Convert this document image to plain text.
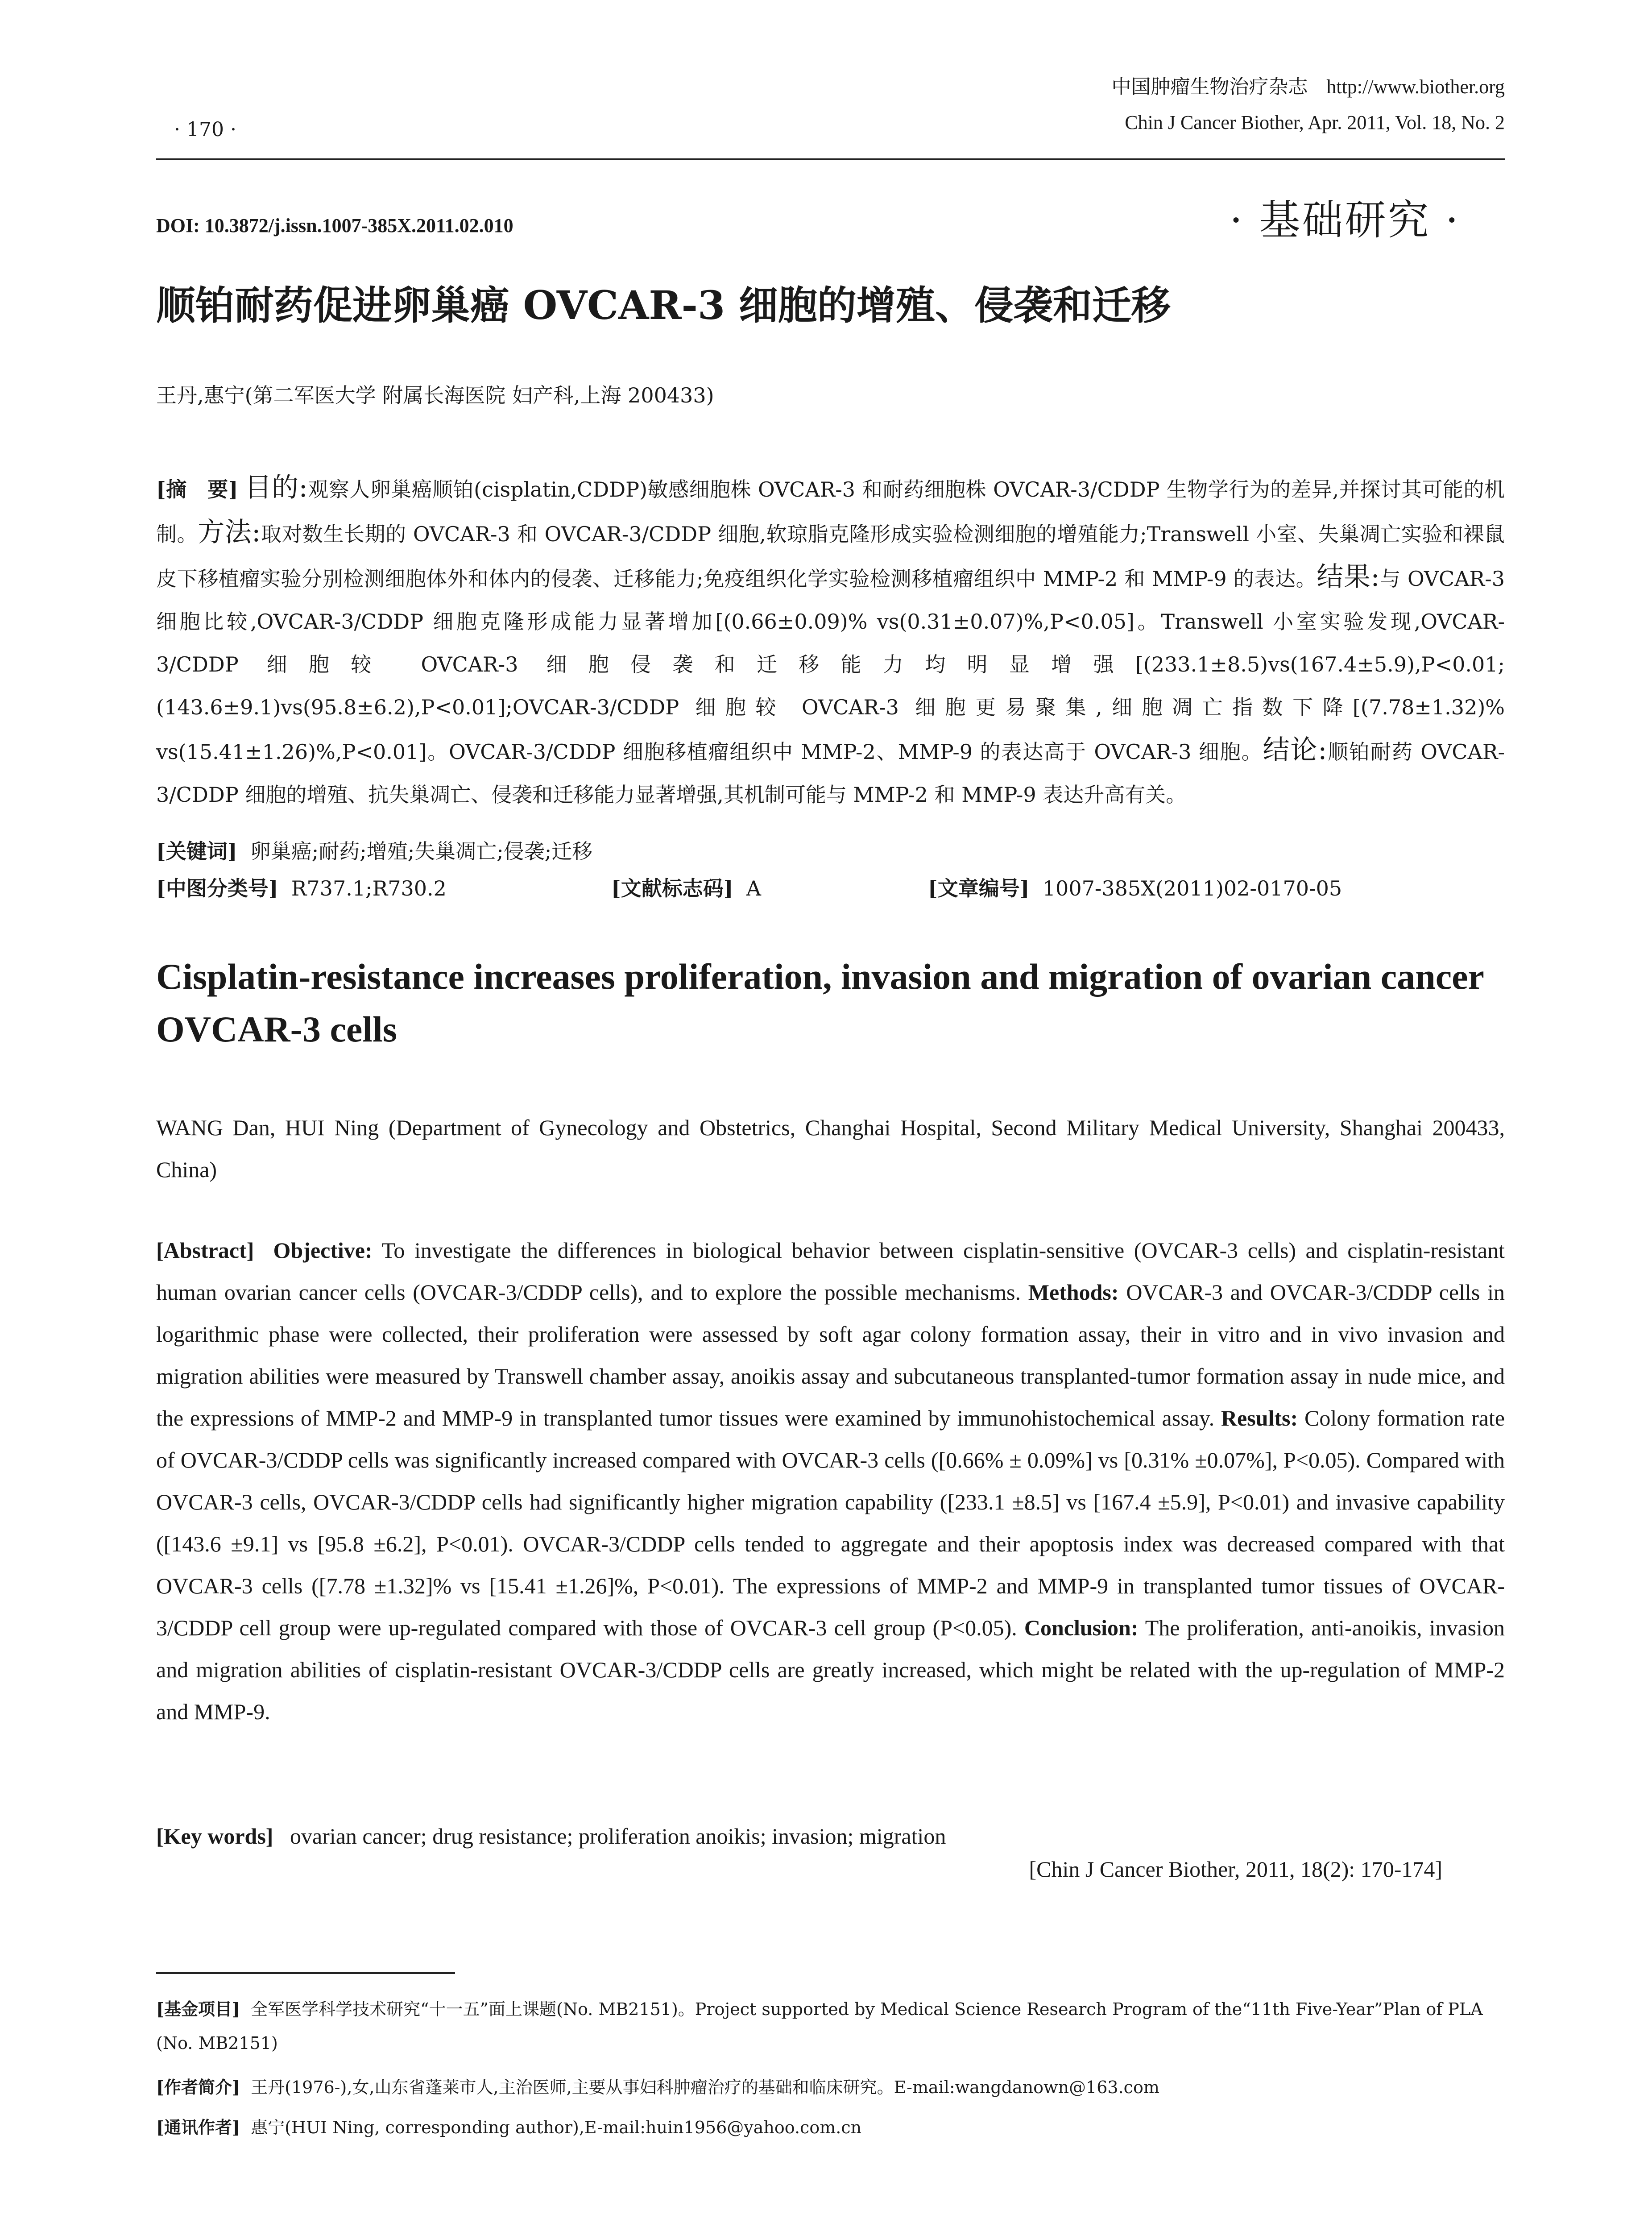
中国肿瘤生物治疗杂志 http://www.biother.org
Chin J Cancer Biother, Apr. 2011, Vol. 18, No. 2
· 170 ·
DOI: 10.3872/j.issn.1007-385X.2011.02.010	· 基础研究 ·
顺铂耐药促进卵巢癌 OVCAR-3 细胞的增殖、侵袭和迁移
王丹,惠宁(第二军医大学 附属长海医院 妇产科,上海 200433)
[摘　要] 目的:观察人卵巢癌顺铂(cisplatin,CDDP)敏感细胞株 OVCAR-3 和耐药细胞株 OVCAR-3/CDDP 生物学行为的差异,并探讨其可能的机制。方法:取对数生长期的 OVCAR-3 和 OVCAR-3/CDDP 细胞,软琼脂克隆形成实验检测细胞的增殖能力;Transwell 小室、失巢凋亡实验和裸鼠皮下移植瘤实验分别检测细胞体外和体内的侵袭、迁移能力;免疫组织化学实验检测移植瘤组织中 MMP-2 和 MMP-9 的表达。结果:与 OVCAR-3 细胞比较,OVCAR-3/CDDP 细胞克隆形成能力显著增加[(0.66±0.09)% vs(0.31±0.07)%,P<0.05]。Transwell 小室实验发现,OVCAR-3/CDDP 细胞较 OVCAR-3 细胞侵袭和迁移能力均明显增强[(233.1±8.5)vs(167.4±5.9),P<0.01;(143.6±9.1)vs(95.8±6.2),P<0.01];OVCAR-3/CDDP 细胞较 OVCAR-3 细胞更易聚集,细胞凋亡指数下降[(7.78±1.32)% vs(15.41±1.26)%,P<0.01]。OVCAR-3/CDDP 细胞移植瘤组织中 MMP-2、MMP-9 的表达高于 OVCAR-3 细胞。结论:顺铂耐药 OVCAR-3/CDDP 细胞的增殖、抗失巢凋亡、侵袭和迁移能力显著增强,其机制可能与 MMP-2 和 MMP-9 表达升高有关。
[关键词] 卵巢癌;耐药;增殖;失巢凋亡;侵袭;迁移
[中图分类号] R737.1;R730.2	[文献标志码] A	[文章编号] 1007-385X(2011)02-0170-05
Cisplatin-resistance increases proliferation, invasion and migration of ovarian cancer OVCAR-3 cells
WANG Dan, HUI Ning (Department of Gynecology and Obstetrics, Changhai Hospital, Second Military Medical University, Shanghai 200433, China)
[Abstract] Objective: To investigate the differences in biological behavior between cisplatin-sensitive (OVCAR-3 cells) and cisplatin-resistant human ovarian cancer cells (OVCAR-3/CDDP cells), and to explore the possible mechanisms. Methods: OVCAR-3 and OVCAR-3/CDDP cells in logarithmic phase were collected, their proliferation were assessed by soft agar colony formation assay, their in vitro and in vivo invasion and migration abilities were measured by Transwell chamber assay, anoikis assay and subcutaneous transplanted-tumor formation assay in nude mice, and the expressions of MMP-2 and MMP-9 in transplanted tumor tissues were examined by immunohistochemical assay. Results: Colony formation rate of OVCAR-3/CDDP cells was significantly increased compared with OVCAR-3 cells ([0.66% ± 0.09%] vs [0.31% ±0.07%], P<0.05). Compared with OVCAR-3 cells, OVCAR-3/CDDP cells had significantly higher migration capability ([233.1 ±8.5] vs [167.4 ±5.9], P<0.01) and invasive capability ([143.6 ±9.1] vs [95.8 ±6.2], P<0.01). OVCAR-3/CDDP cells tended to aggregate and their apoptosis index was decreased compared with that OVCAR-3 cells ([7.78 ±1.32]% vs [15.41 ±1.26]%, P<0.01). The expressions of MMP-2 and MMP-9 in transplanted tumor tissues of OVCAR-3/CDDP cell group were up-regulated compared with those of OVCAR-3 cell group (P<0.05). Conclusion: The proliferation, anti-anoikis, invasion and migration abilities of cisplatin-resistant OVCAR-3/CDDP cells are greatly increased, which might be related with the up-regulation of MMP-2 and MMP-9.
[Key words] ovarian cancer; drug resistance; proliferation anoikis; invasion; migration
[Chin J Cancer Biother, 2011, 18(2): 170-174]
[基金项目] 全军医学科学技术研究“十一五”面上课题(No. MB2151)。Project supported by Medical Science Research Program of the“11th Five-Year”Plan of PLA (No. MB2151)
[作者简介] 王丹(1976-),女,山东省蓬莱市人,主治医师,主要从事妇科肿瘤治疗的基础和临床研究。E-mail:wangdanown@163.com
[通讯作者] 惠宁(HUI Ning, corresponding author),E-mail:huin1956@yahoo.com.cn
